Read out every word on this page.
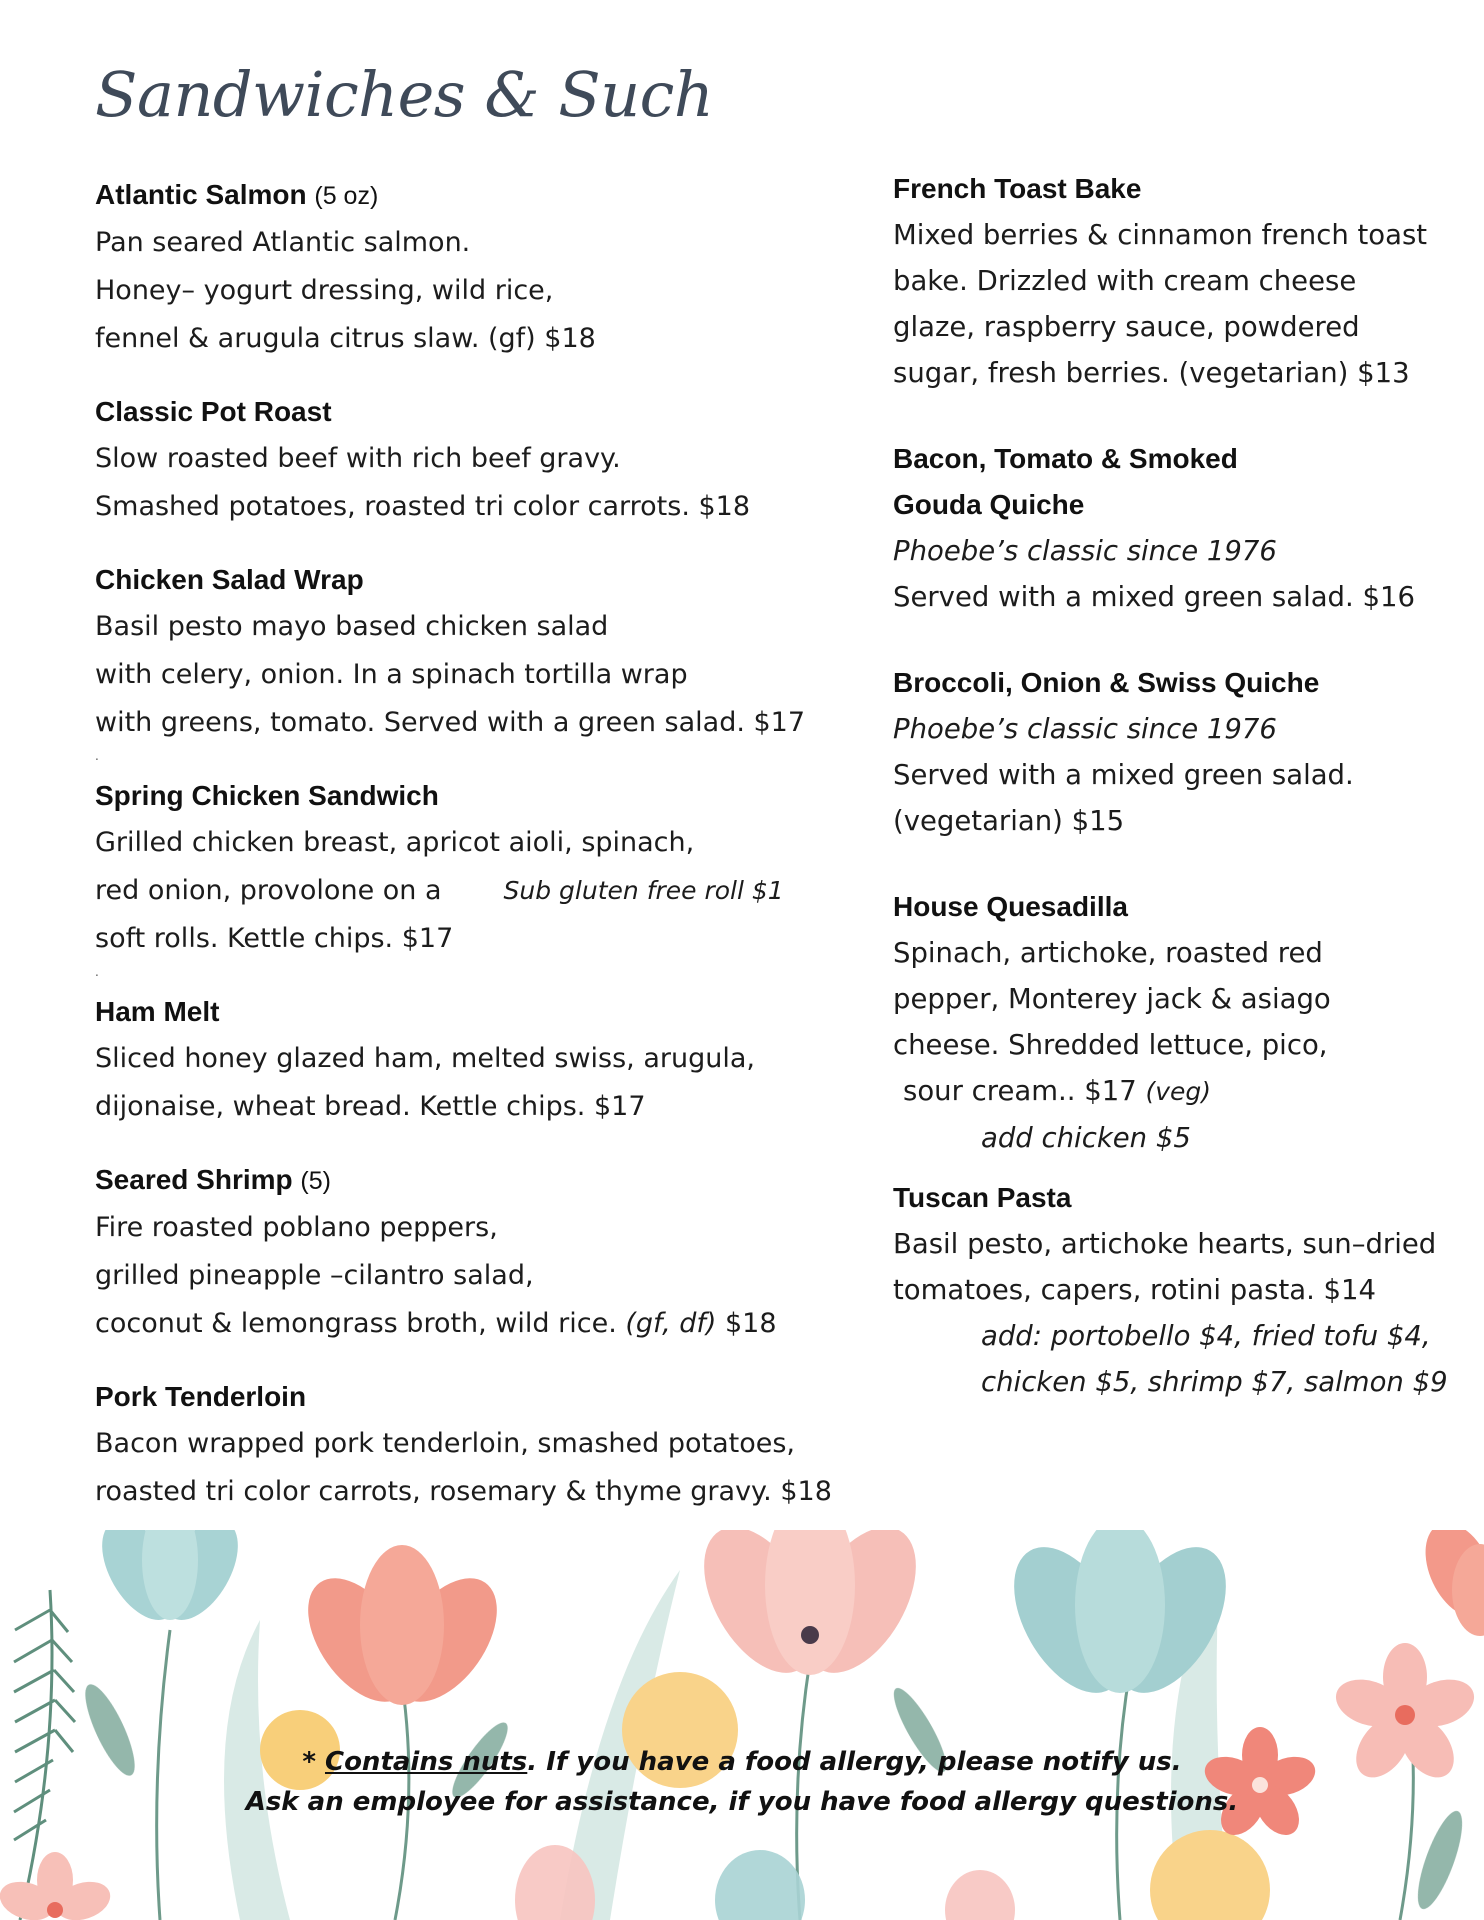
Sandwiches & Such
Atlantic Salmon (5 oz)
Pan seared Atlantic salmon.
Honey– yogurt dressing, wild rice,
fennel & arugula citrus slaw. (gf) $18
Classic Pot Roast
Slow roasted beef with rich beef gravy.
Smashed potatoes, roasted tri color carrots. $18
Chicken Salad Wrap
Basil pesto mayo based chicken salad
with celery, onion. In a spinach tortilla wrap
with greens, tomato. Served with a green salad. $17
.
Spring Chicken Sandwich
Grilled chicken breast, apricot aioli, spinach,
red onion, provolone on a Sub gluten free roll $1
soft rolls. Kettle chips. $17
.
Ham Melt
Sliced honey glazed ham, melted swiss, arugula,
dijonaise, wheat bread. Kettle chips. $17
Seared Shrimp (5)
Fire roasted poblano peppers,
grilled pineapple –cilantro salad,
coconut & lemongrass broth, wild rice. (gf, df) $18
Pork Tenderloin
Bacon wrapped pork tenderloin, smashed potatoes,
roasted tri color carrots, rosemary & thyme gravy. $18
French Toast Bake
Mixed berries & cinnamon french toast
bake. Drizzled with cream cheese
glaze, raspberry sauce, powdered
sugar, fresh berries. (vegetarian) $13
Bacon, Tomato & Smoked
Gouda Quiche
Phoebe’s classic since 1976
Served with a mixed green salad. $16
Broccoli, Onion & Swiss Quiche
Phoebe’s classic since 1976
Served with a mixed green salad.
(vegetarian) $15
House Quesadilla
Spinach, artichoke, roasted red
pepper, Monterey jack & asiago
cheese. Shredded lettuce, pico,
sour cream.. $17 (veg)
add chicken $5
Tuscan Pasta
Basil pesto, artichoke hearts, sun–dried
tomatoes, capers, rotini pasta. $14
add: portobello $4, fried tofu $4,
chicken $5, shrimp $7, salmon $9

* Contains nuts. If you have a food allergy, please notify us.

Ask an employee for assistance, if you have food allergy questions.
